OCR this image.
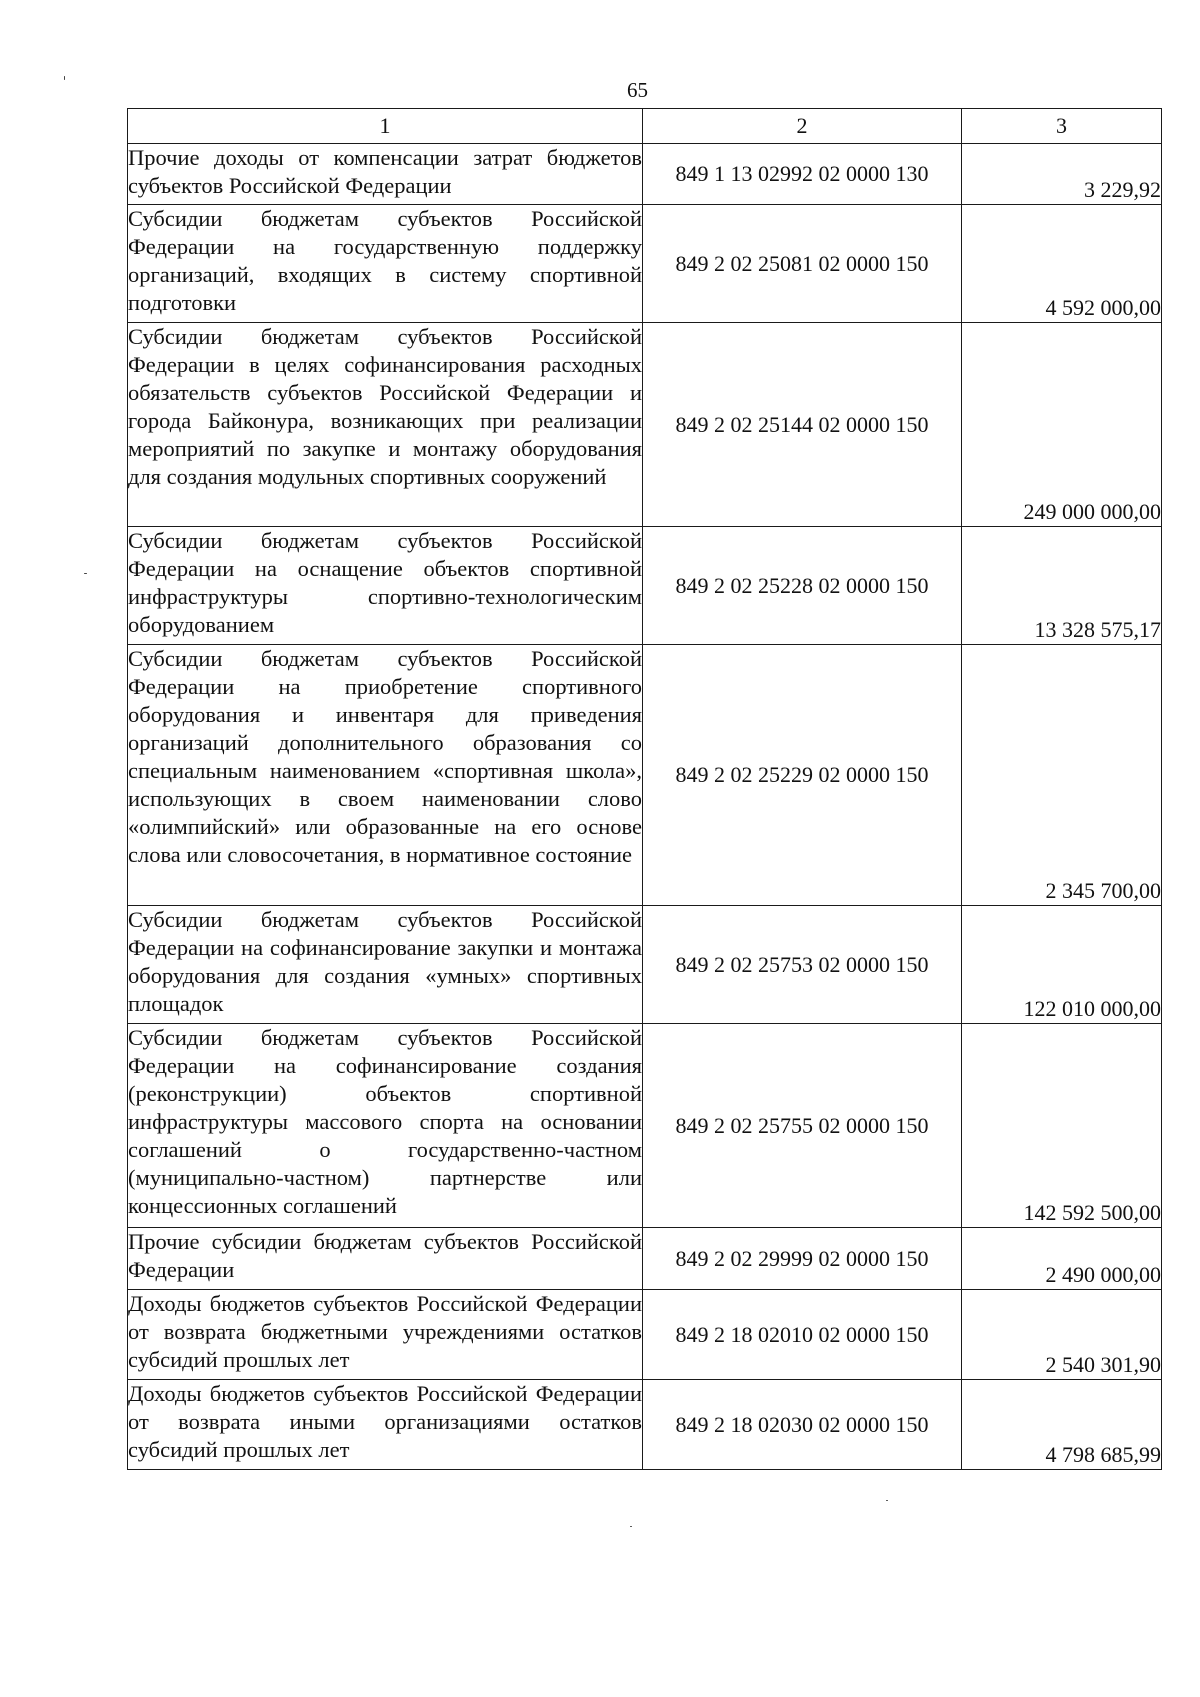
65
1	2	3
Прочие доходы от компенсации затрат бюджетов субъектов Российской Федерации	849 1 13 02992 02 0000 130	3 229,92
Субсидии бюджетам субъектов Российской Федерации на государственную поддержку организаций, входящих в систему спортивной подготовки	849 2 02 25081 02 0000 150	4 592 000,00
Субсидии бюджетам субъектов Российской Федерации в целях софинансирования расходных обязательств субъектов Российской Федерации и города Байконура, возникающих при реализации мероприятий по закупке и монтажу оборудования для создания модульных спортивных сооружений	849 2 02 25144 02 0000 150	249 000 000,00
Субсидии бюджетам субъектов Российской Федерации на оснащение объектов спортивной инфраструктуры спортивно-технологическим оборудованием	849 2 02 25228 02 0000 150	13 328 575,17
Субсидии бюджетам субъектов Российской Федерации на приобретение спортивного оборудования и инвентаря для приведения организаций дополнительного образования со специальным наименованием «спортивная школа», использующих в своем наименовании слово «олимпийский» или образованные на его основе слова или словосочетания, в нормативное состояние	849 2 02 25229 02 0000 150	2 345 700,00
Субсидии бюджетам субъектов Российской Федерации на софинансирование закупки и монтажа оборудования для создания «умных» спортивных площадок	849 2 02 25753 02 0000 150	122 010 000,00
Субсидии бюджетам субъектов Российской Федерации на софинансирование создания (реконструкции) объектов спортивной инфраструктуры массового спорта на основании соглашений о государственно-частном (муниципально-частном) партнерстве или концессионных соглашений	849 2 02 25755 02 0000 150	142 592 500,00
Прочие субсидии бюджетам субъектов Российской Федерации	849 2 02 29999 02 0000 150	2 490 000,00
Доходы бюджетов субъектов Российской Федерации от возврата бюджетными учреждениями остатков субсидий прошлых лет	849 2 18 02010 02 0000 150	2 540 301,90
Доходы бюджетов субъектов Российской Федерации от возврата иными организациями остатков субсидий прошлых лет	849 2 18 02030 02 0000 150	4 798 685,99
